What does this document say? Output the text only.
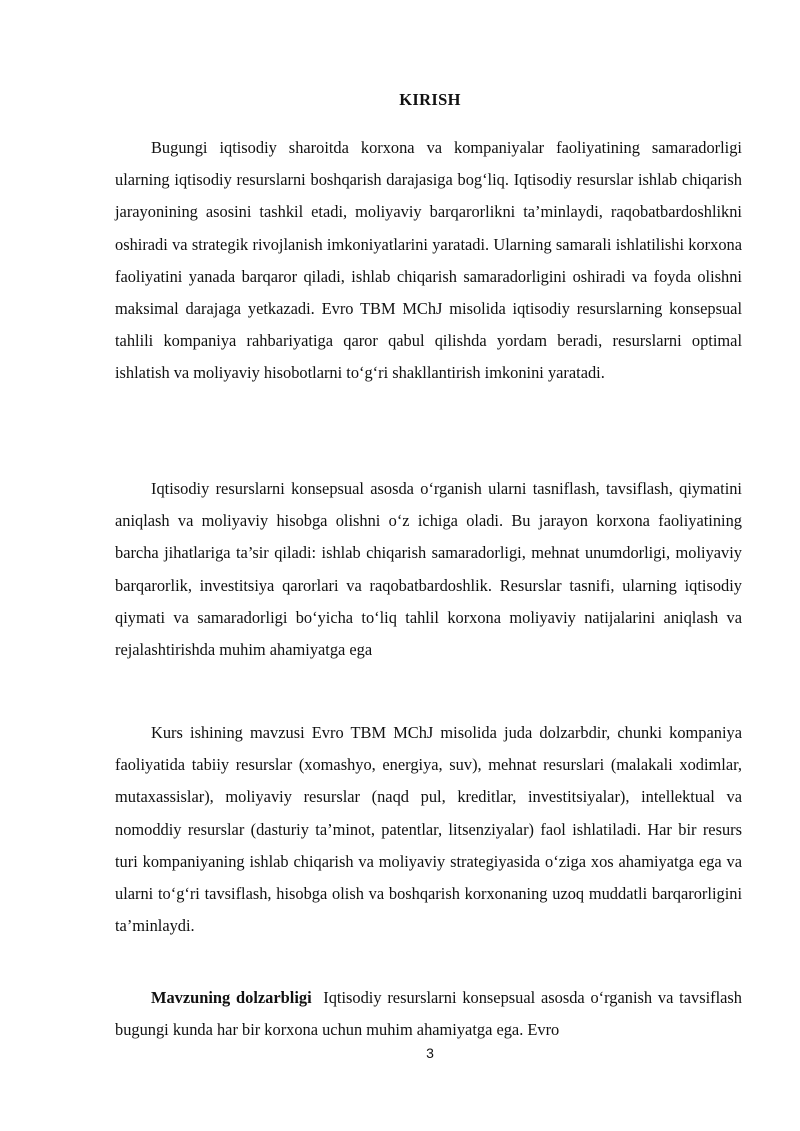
KIRISH

Bugungi iqtisodiy sharoitda korxona va kompaniyalar faoliyatining samaradorligi ularning iqtisodiy resurslarni boshqarish darajasiga bog‘liq. Iqtisodiy resurslar ishlab chiqarish jarayonining asosini tashkil etadi, moliyaviy barqarorlikni ta’minlaydi, raqobatbardoshlikni oshiradi va strategik rivojlanish imkoniyatlarini yaratadi. Ularning samarali ishlatilishi korxona faoliyatini yanada barqaror qiladi, ishlab chiqarish samaradorligini oshiradi va foyda olishni maksimal darajaga yetkazadi. Evro TBM MChJ misolida iqtisodiy resurslarning konsepsual tahlili kompaniya rahbariyatiga qaror qabul qilishda yordam beradi, resurslarni optimal ishlatish va moliyaviy hisobotlarni to‘g‘ri shakllantirish imkonini yaratadi.

Iqtisodiy resurslarni konsepsual asosda o‘rganish ularni tasniflash, tavsiflash, qiymatini aniqlash va moliyaviy hisobga olishni o‘z ichiga oladi. Bu jarayon korxona faoliyatining barcha jihatlariga ta’sir qiladi: ishlab chiqarish samaradorligi, mehnat unumdorligi, moliyaviy barqarorlik, investitsiya qarorlari va raqobatbardoshlik. Resurslar tasnifi, ularning iqtisodiy qiymati va samaradorligi bo‘yicha to‘liq tahlil korxona moliyaviy natijalarini aniqlash va rejalashtirishda muhim ahamiyatga ega

Kurs ishining mavzusi Evro TBM MChJ misolida juda dolzarbdir, chunki kompaniya faoliyatida tabiiy resurslar (xomashyo, energiya, suv), mehnat resurslari (malakali xodimlar, mutaxassislar), moliyaviy resurslar (naqd pul, kreditlar, investitsiyalar), intellektual va nomoddiy resurslar (dasturiy ta’minot, patentlar, litsenziyalar) faol ishlatiladi. Har bir resurs turi kompaniyaning ishlab chiqarish va moliyaviy strategiyasida o‘ziga xos ahamiyatga ega va ularni to‘g‘ri tavsiflash, hisobga olish va boshqarish korxonaning uzoq muddatli barqarorligini ta’minlaydi.

Mavzuning dolzarbligi Iqtisodiy resurslarni konsepsual asosda o‘rganish va tavsiflash bugungi kunda har bir korxona uchun muhim ahamiyatga ega. Evro

3
